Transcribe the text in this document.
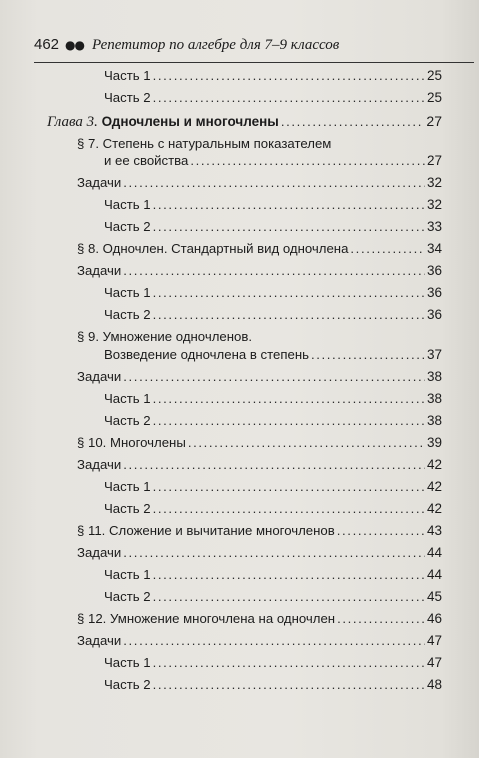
462 ●● Репетитор по алгебре для 7–9 классов
Часть 1 .....	25
Часть 2 .....	25
Глава 3. Одночлены и многочлены .....	27
§ 7. Степень с натуральным показателем
и ее свойства .....	27
Задачи .....	32
Часть 1 .....	32
Часть 2 .....	33
§ 8. Одночлен. Стандартный вид одночлена .....	34
Задачи .....	36
Часть 1 .....	36
Часть 2 .....	36
§ 9. Умножение одночленов.
Возведение одночлена в степень .....	37
Задачи .....	38
Часть 1 .....	38
Часть 2 .....	38
§ 10. Многочлены .....	39
Задачи .....	42
Часть 1 .....	42
Часть 2 .....	42
§ 11. Сложение и вычитание многочленов .....	43
Задачи .....	44
Часть 1 .....	44
Часть 2 .....	45
§ 12. Умножение многочлена на одночлен .....	46
Задачи .....	47
Часть 1 .....	47
Часть 2 .....	48
